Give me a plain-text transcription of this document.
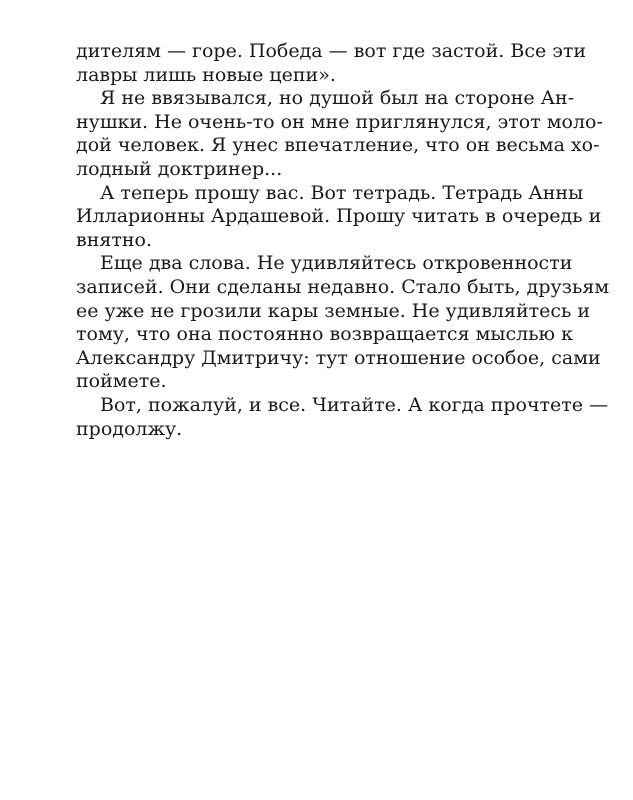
дителям — горе. Победа — вот где застой. Все эти
лавры лишь новые цепи».
Я не ввязывался, но душой был на стороне Ан-
нушки. Не очень-то он мне приглянулся, этот моло-
дой человек. Я унес впечатление, что он весьма хо-
лодный доктринер...
А теперь прошу вас. Вот тетрадь. Тетрадь Анны
Илларионны Ардашевой. Прошу читать в очередь и
внятно.
Еще два слова. Не удивляйтесь откровенности
записей. Они сделаны недавно. Стало быть, друзьям
ее уже не грозили кары земные. Не удивляйтесь и
тому, что она постоянно возвращается мыслью к
Александру Дмитричу: тут отношение особое, сами
поймете.
Вот, пожалуй, и все. Читайте. А когда прочтете —
продолжу.
